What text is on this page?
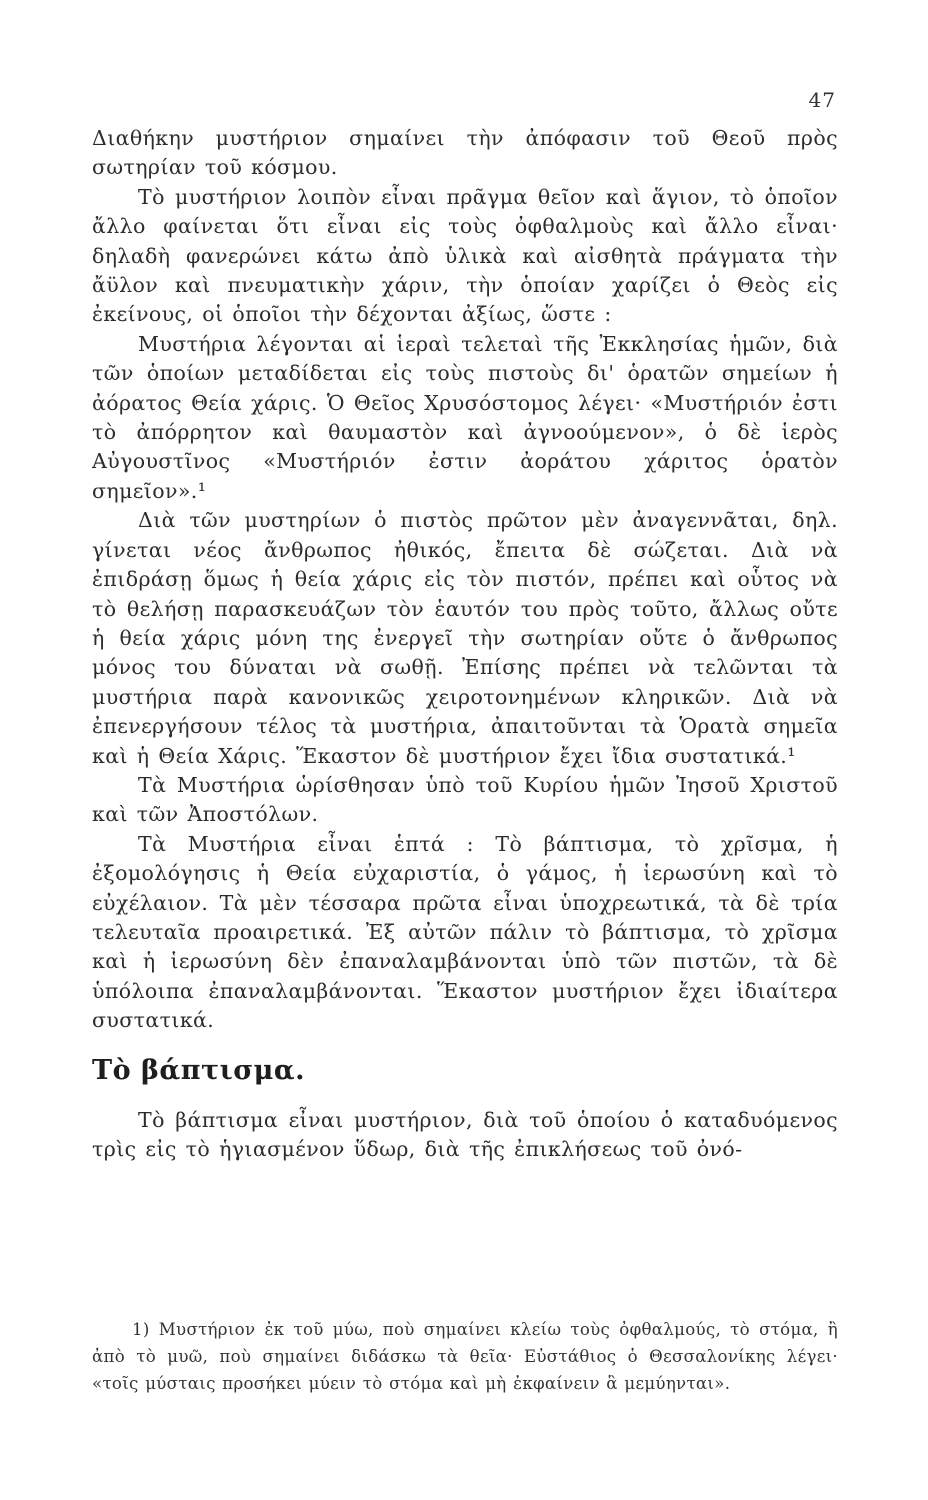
47

Διαθήκην μυστήριον σημαίνει τὴν ἀπόφασιν τοῦ Θεοῦ πρὸς σωτηρίαν τοῦ κόσμου.

Τὸ μυστήριον λοιπὸν εἶναι πρᾶγμα θεῖον καὶ ἅγιον, τὸ ὁποῖον ἄλλο φαίνεται ὅτι εἶναι εἰς τοὺς ὀφθαλμοὺς καὶ ἄλλο εἶναι· δηλαδὴ φανερώνει κάτω ἀπὸ ὑλικὰ καὶ αἰσθητὰ πράγματα τὴν ἄϋλον καὶ πνευματικὴν χάριν, τὴν ὁποίαν χαρίζει ὁ Θεὸς εἰς ἐκείνους, οἱ ὁποῖοι τὴν δέχονται ἀξίως, ὥστε :

Μυστήρια λέγονται αἱ ἱεραὶ τελεταὶ τῆς Ἐκκλησίας ἡμῶν, διὰ τῶν ὁποίων μεταδίδεται εἰς τοὺς πιστοὺς δι' ὁρατῶν σημείων ἡ ἀόρατος Θεία χάρις. Ὁ Θεῖος Χρυσόστομος λέγει· «Μυστήριόν ἐστι τὸ ἀπόρρητον καὶ θαυμαστὸν καὶ ἀγνοούμενον», ὁ δὲ ἱερὸς Αὐγουστῖνος «Μυστήριόν ἐστιν ἀοράτου χάριτος ὁρατὸν σημεῖον».¹

Διὰ τῶν μυστηρίων ὁ πιστὸς πρῶτον μὲν ἀναγεννᾶται, δηλ. γίνεται νέος ἄνθρωπος ἠθικός, ἔπειτα δὲ σώζεται. Διὰ νὰ ἐπιδράσῃ ὅμως ἡ θεία χάρις εἰς τὸν πιστόν, πρέπει καὶ οὗτος νὰ τὸ θελήσῃ παρασκευάζων τὸν ἑαυτόν του πρὸς τοῦτο, ἄλλως οὔτε ἡ θεία χάρις μόνη της ἐνεργεῖ τὴν σωτηρίαν οὔτε ὁ ἄνθρωπος μόνος του δύναται νὰ σωθῇ. Ἐπίσης πρέπει νὰ τελῶνται τὰ μυστήρια παρὰ κανονικῶς χειροτονημένων κληρικῶν. Διὰ νὰ ἐπενεργήσουν τέλος τὰ μυστήρια, ἀπαιτοῦνται τὰ Ὁρατὰ σημεῖα καὶ ἡ Θεία Χάρις. Ἕκαστον δὲ μυστήριον ἔχει ἴδια συστατικά.¹

Τὰ Μυστήρια ὡρίσθησαν ὑπὸ τοῦ Κυρίου ἡμῶν Ἰησοῦ Χριστοῦ καὶ τῶν Ἀποστόλων.

Τὰ Μυστήρια εἶναι ἑπτά : Τὸ βάπτισμα, τὸ χρῖσμα, ἡ ἐξομολόγησις ἡ Θεία εὐχαριστία, ὁ γάμος, ἡ ἱερωσύνη καὶ τὸ εὐχέλαιον. Τὰ μὲν τέσσαρα πρῶτα εἶναι ὑποχρεωτικά, τὰ δὲ τρία τελευταῖα προαιρετικά. Ἐξ αὐτῶν πάλιν τὸ βάπτισμα, τὸ χρῖσμα καὶ ἡ ἱερωσύνη δὲν ἐπαναλαμβάνονται ὑπὸ τῶν πιστῶν, τὰ δὲ ὑπόλοιπα ἐπαναλαμβάνονται. Ἕκαστον μυστήριον ἔχει ἰδιαίτερα συστατικά.

Τὸ βάπτισμα.

Τὸ βάπτισμα εἶναι μυστήριον, διὰ τοῦ ὁποίου ὁ καταδυόμενος τρὶς εἰς τὸ ἡγιασμένον ὕδωρ, διὰ τῆς ἐπικλήσεως τοῦ ὀνό-

1) Μυστήριον ἐκ τοῦ μύω, ποὺ σημαίνει κλείω τοὺς ὀφθαλμούς, τὸ στόμα, ἢ ἀπὸ τὸ μυῶ, ποὺ σημαίνει διδάσκω τὰ θεῖα· Εὐστάθιος ὁ Θεσσαλονίκης λέγει· «τοῖς μύσταις προσήκει μύειν τὸ στόμα καὶ μὴ ἐκφαίνειν ἃ μεμύηνται».
